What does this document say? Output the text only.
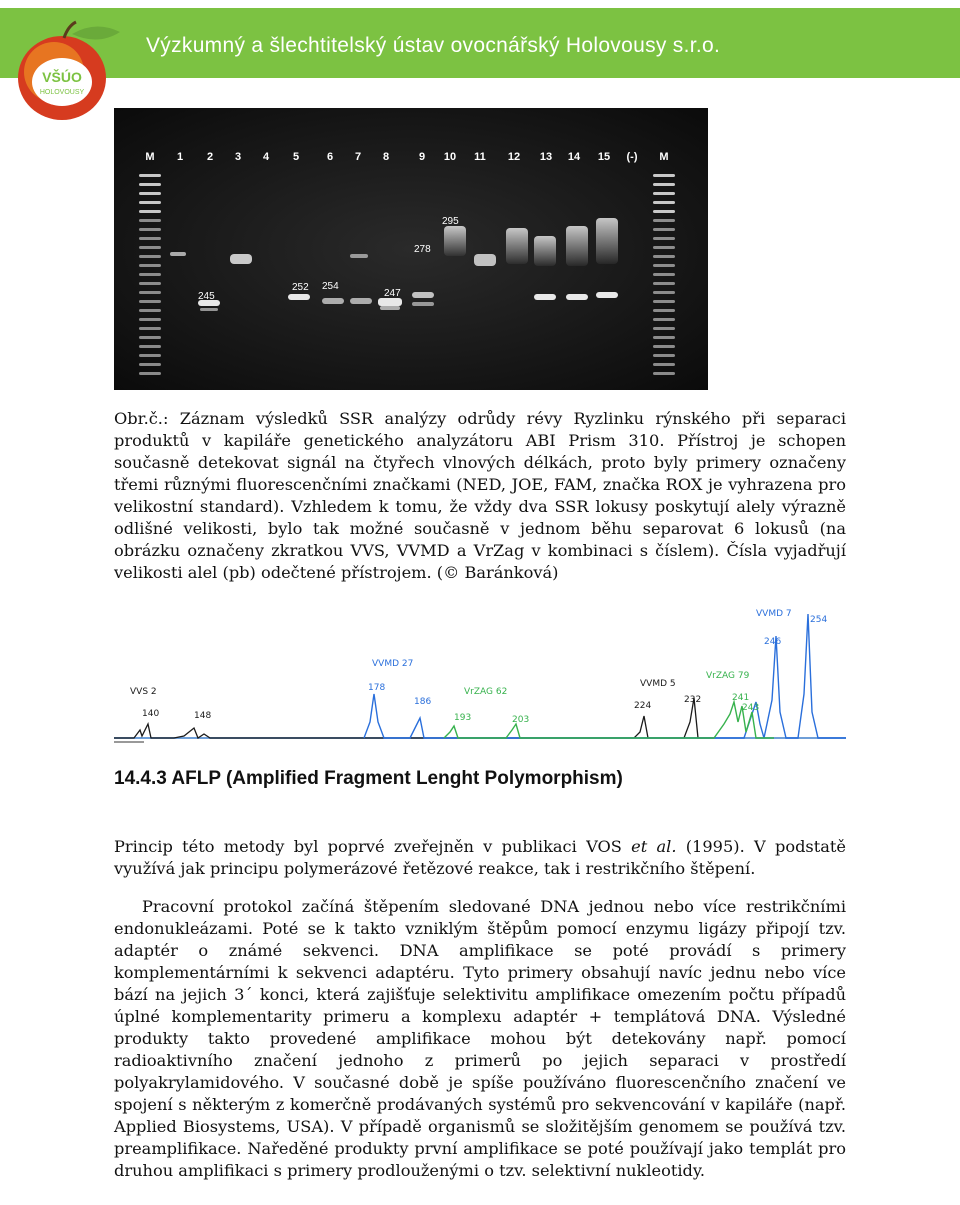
Výzkumný a šlechtitelský ústav ovocnářský Holovousy s.r.o.
VŠÚO
HOLOVOUSY
M 1 2 3 4 5	6 7 8	9 10 11 12 13 14 15 (-) M
245
252 254
247
278
295
Obr.č.: Záznam výsledků SSR analýzy odrůdy révy Ryzlinku rýnského při separaci produktů v kapiláře genetického analyzátoru ABI Prism 310. Přístroj je schopen současně detekovat signál na čtyřech vlnových délkách, proto byly primery označeny třemi různými fluorescenčními značkami (NED, JOE, FAM, značka ROX je vyhrazena pro velikostní standard). Vzhledem k tomu, že vždy dva SSR lokusy poskytují alely výrazně odlišné velikosti, bylo tak možné současně v jednom běhu separovat 6 lokusů (na obrázku označeny zkratkou VVS, VVMD a VrZag v kombinaci s číslem). Čísla vyjadřují velikosti alel (pb) odečtené přístrojem. (© Baránková)
VVS 2
VVMD 27
VrZAG 62
VVMD 5
VrZAG 79
VVMD 7
140	148
178
186
193	203
224
232	241
243
246
254
14.4.3 AFLP (Amplified Fragment Lenght Polymorphism)
Princip této metody byl poprvé zveřejněn v publikaci VOS et al. (1995). V podstatě využívá jak principu polymerázové řetězové reakce, tak i restrikčního štěpení.
Pracovní protokol začíná štěpením sledované DNA jednou nebo více restrikčními endonukleázami. Poté se k takto vzniklým štěpům pomocí enzymu ligázy připojí tzv. adaptér o známé sekvenci. DNA amplifikace se poté provádí s primery komplementárními k sekvenci adaptéru. Tyto primery obsahují navíc jednu nebo více bází na jejich 3´ konci, která zajišťuje selektivitu amplifikace omezením počtu případů úplné komplementarity primeru a komplexu adaptér + templátová DNA. Výsledné produkty takto provedené amplifikace mohou být detekovány např. pomocí radioaktivního značení jednoho z primerů po jejich separaci v prostředí polyakrylamidového. V současné době je spíše používáno fluorescenčního značení ve spojení s některým z komerčně prodávaných systémů pro sekvencování v kapiláře (např. Applied Biosystems, USA). V případě organismů se složitějším genomem se používá tzv. preamplifikace. Naředěné produkty první amplifikace se poté používají jako templát pro druhou amplifikaci s primery prodlouženými o tzv. selektivní nukleotidy.
